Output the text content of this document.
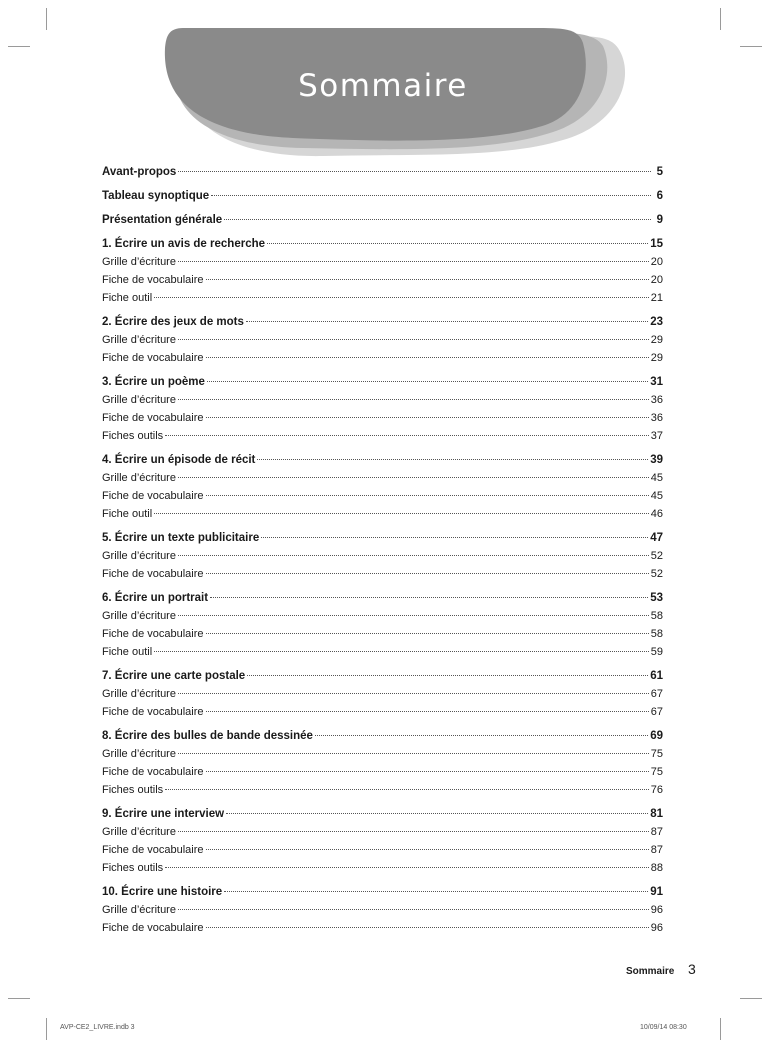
Sommaire
Avant-propos	5
Tableau synoptique	6
Présentation générale	9
1. Écrire un avis de recherche	15
Grille d’écriture	20
Fiche de vocabulaire	20
Fiche outil	21
2. Écrire des jeux de mots	23
Grille d’écriture	29
Fiche de vocabulaire	29
3. Écrire un poème	31
Grille d’écriture	36
Fiche de vocabulaire	36
Fiches outils	37
4. Écrire un épisode de récit	39
Grille d’écriture	45
Fiche de vocabulaire	45
Fiche outil	46
5. Écrire un texte publicitaire	47
Grille d’écriture	52
Fiche de vocabulaire	52
6. Écrire un portrait	53
Grille d’écriture	58
Fiche de vocabulaire	58
Fiche outil	59
7. Écrire une carte postale	61
Grille d’écriture	67
Fiche de vocabulaire	67
8. Écrire des bulles de bande dessinée	69
Grille d’écriture	75
Fiche de vocabulaire	75
Fiches outils	76
9. Écrire une interview	81
Grille d’écriture	87
Fiche de vocabulaire	87
Fiches outils	88
10. Écrire une histoire	91
Grille d’écriture	96
Fiche de vocabulaire	96
Sommaire 3
AVP-CE2_LIVRE.indb 3	10/09/14 08:30
